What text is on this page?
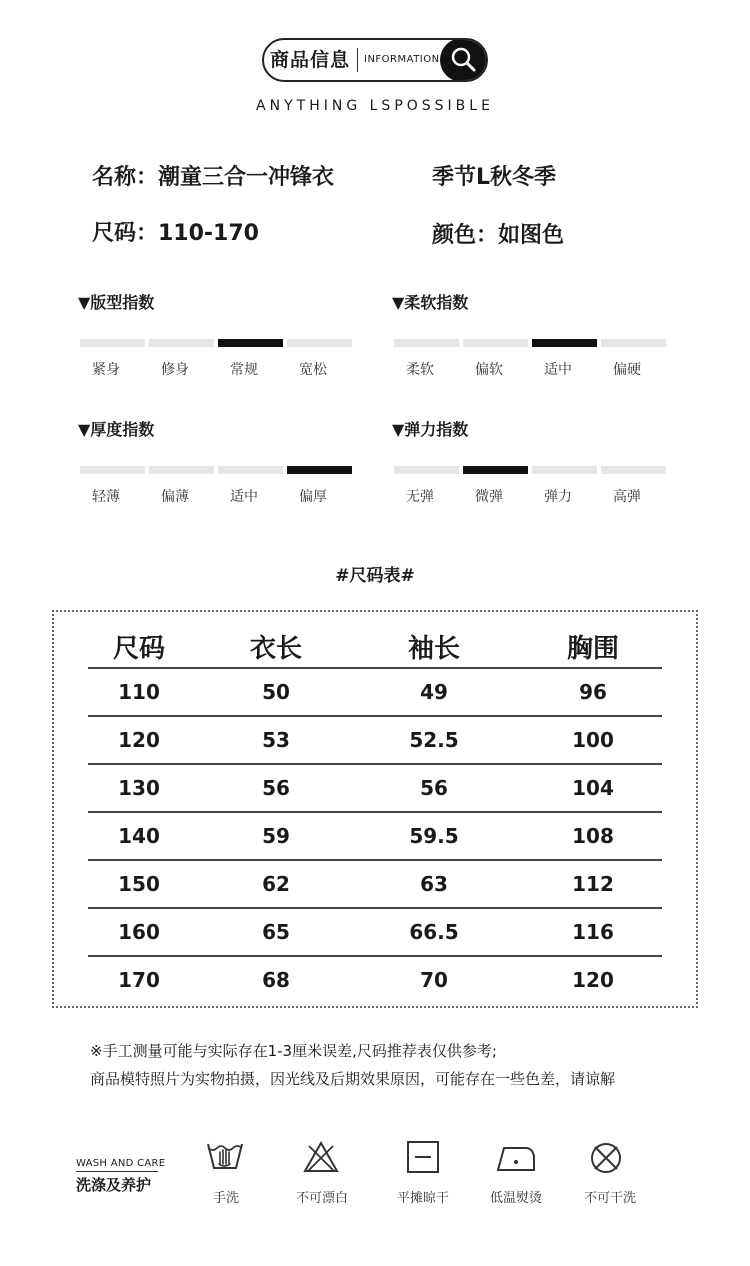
商品信息 INFORMATION
ANYTHING LSPOSSIBLE
名称：潮童三合一冲锋衣	季节L秋冬季
尺码：110-170	颜色：如图色
▼版型指数
紧身	修身	常规	宽松
▼柔软指数
柔软	偏软	适中	偏硬
▼厚度指数
轻薄	偏薄	适中	偏厚
▼弹力指数
无弹	微弹	弹力	高弹
#尺码表#
尺码	衣长	袖长	胸围
110	50	49	96
120	53	52.5	100
130	56	56	104
140	59	59.5	108
150	62	63	112
160	65	66.5	116
170	68	70	120
※手工测量可能与实际存在1-3厘米误差,尺码推荐表仅供参考;
商品模特照片为实物拍摄，因光线及后期效果原因，可能存在一些色差，请谅解
WASH AND CARE
洗涤及养护
手洗	不可漂白	平摊晾干	低温熨烫	不可干洗
